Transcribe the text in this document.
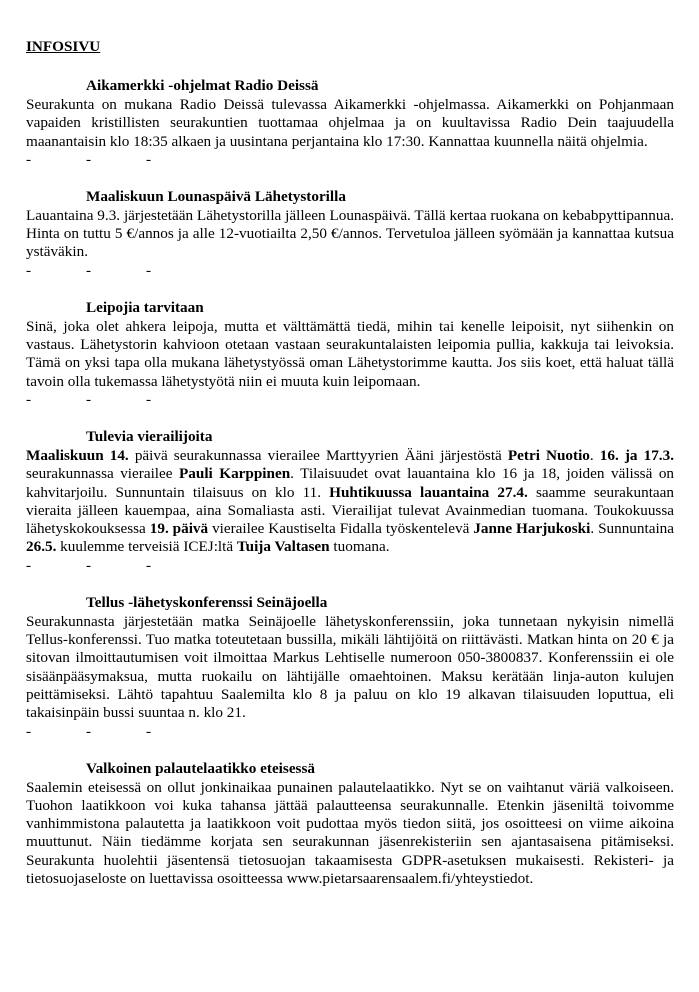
INFOSIVU
Aikamerkki -ohjelmat Radio Deissä
Seurakunta on mukana Radio Deissä tulevassa Aikamerkki -ohjelmassa. Aikamerkki on Pohjanmaan vapaiden kristillisten seurakuntien tuottamaa ohjelmaa ja on kuultavissa Radio Dein taajuudella maanantaisin klo 18:35 alkaen ja uusintana perjantaina klo 17:30. Kannattaa kuunnella näitä ohjelmia.
-	-	-
Maaliskuun Lounaspäivä Lähetystorilla
Lauantaina 9.3. järjestetään Lähetystorilla jälleen Lounaspäivä. Tällä kertaa ruokana on kebabpyttipannua. Hinta on tuttu 5 €/annos ja alle 12-vuotiailta 2,50 €/annos. Tervetuloa jälleen syömään ja kannattaa kutsua ystäväkin.
-	-	-
Leipojia tarvitaan
Sinä, joka olet ahkera leipoja, mutta et välttämättä tiedä, mihin tai kenelle leipoisit, nyt siihenkin on vastaus. Lähetystorin kahvioon otetaan vastaan seurakuntalaisten leipomia pullia, kakkuja tai leivoksia. Tämä on yksi tapa olla mukana lähetystyössä oman Lähetystorimme kautta. Jos siis koet, että haluat tällä tavoin olla tukemassa lähetystyötä niin ei muuta kuin leipomaan.
-	-	-
Tulevia vierailijoita
Maaliskuun 14. päivä seurakunnassa vierailee Marttyyrien Ääni järjestöstä Petri Nuotio. 16. ja 17.3. seurakunnassa vierailee Pauli Karppinen. Tilaisuudet ovat lauantaina klo 16 ja 18, joiden välissä on kahvitarjoilu. Sunnuntain tilaisuus on klo 11. Huhtikuussa lauantaina 27.4. saamme seurakuntaan vieraita jälleen kauempaa, aina Somaliasta asti. Vierailijat tulevat Avainmedian tuomana. Toukokuussa lähetyskokouksessa 19. päivä vierailee Kaustiselta Fidalla työskentelevä Janne Harjukoski. Sunnuntaina 26.5. kuulemme terveisiä ICEJ:ltä Tuija Valtasen tuomana.
-	-	-
Tellus -lähetyskonferenssi Seinäjoella
Seurakunnasta järjestetään matka Seinäjoelle lähetyskonferenssiin, joka tunnetaan nykyisin nimellä Tellus-konferenssi. Tuo matka toteutetaan bussilla, mikäli lähtijöitä on riittävästi. Matkan hinta on 20 € ja sitovan ilmoittautumisen voit ilmoittaa Markus Lehtiselle numeroon 050-3800837. Konferenssiin ei ole sisäänpääsymaksua, mutta ruokailu on lähtijälle omaehtoinen. Maksu kerätään linja-auton kulujen peittämiseksi. Lähtö tapahtuu Saalemilta klo 8 ja paluu on klo 19 alkavan tilaisuuden loputtua, eli takaisinpäin bussi suuntaa n. klo 21.
-	-	-
Valkoinen palautelaatikko eteisessä
Saalemin eteisessä on ollut jonkinaikaa punainen palautelaatikko. Nyt se on vaihtanut väriä valkoiseen. Tuohon laatikkoon voi kuka tahansa jättää palautteensa seurakunnalle. Etenkin jäseniltä toivomme vanhimmistona palautetta ja laatikkoon voit pudottaa myös tiedon siitä, jos osoitteesi on viime aikoina muuttunut. Näin tiedämme korjata sen seurakunnan jäsenrekisteriin sen ajantasaisena pitämiseksi. Seurakunta huolehtii jäsentensä tietosuojan takaamisesta GDPR-asetuksen mukaisesti. Rekisteri- ja tietosuojaseloste on luettavissa osoitteessa www.pietarsaarensaalem.fi/yhteystiedot.
